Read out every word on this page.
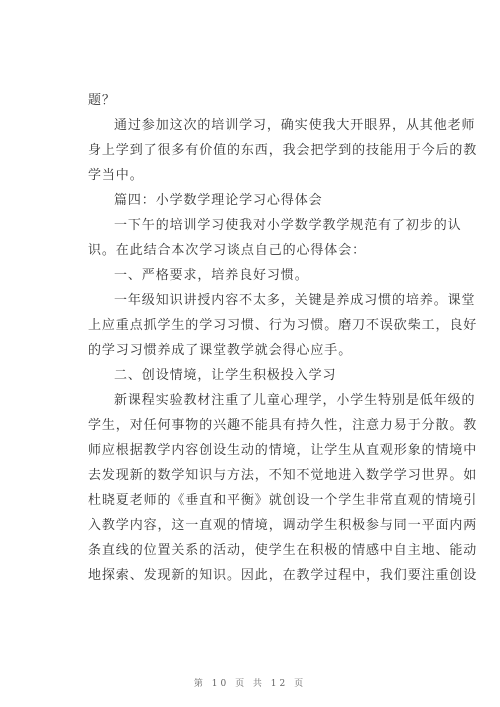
题？
通过参加这次的培训学习，确实使我大开眼界，从其他老师
身上学到了很多有价值的东西，我会把学到的技能用于今后的教
学当中。
篇四：小学数学理论学习心得体会
一下午的培训学习使我对小学数学教学规范有了初步的认
识。在此结合本次学习谈点自己的心得体会：
一、严格要求，培养良好习惯。
一年级知识讲授内容不太多，关键是养成习惯的培养。课堂
上应重点抓学生的学习习惯、行为习惯。磨刀不误砍柴工，良好
的学习习惯养成了课堂教学就会得心应手。
二、创设情境，让学生积极投入学习
新课程实验教材注重了儿童心理学，小学生特别是低年级的
学生，对任何事物的兴趣不能具有持久性，注意力易于分散。教
师应根据教学内容创设生动的情境，让学生从直观形象的情境中
去发现新的数学知识与方法，不知不觉地进入数学学习世界。如
杜晓夏老师的《垂直和平衡》就创设一个学生非常直观的情境引
入教学内容，这一直观的情境，调动学生积极参与同一平面内两
条直线的位置关系的活动，使学生在积极的情感中自主地、能动
地探索、发现新的知识。因此，在教学过程中，我们要注重创设
第 10 页 共 12 页
